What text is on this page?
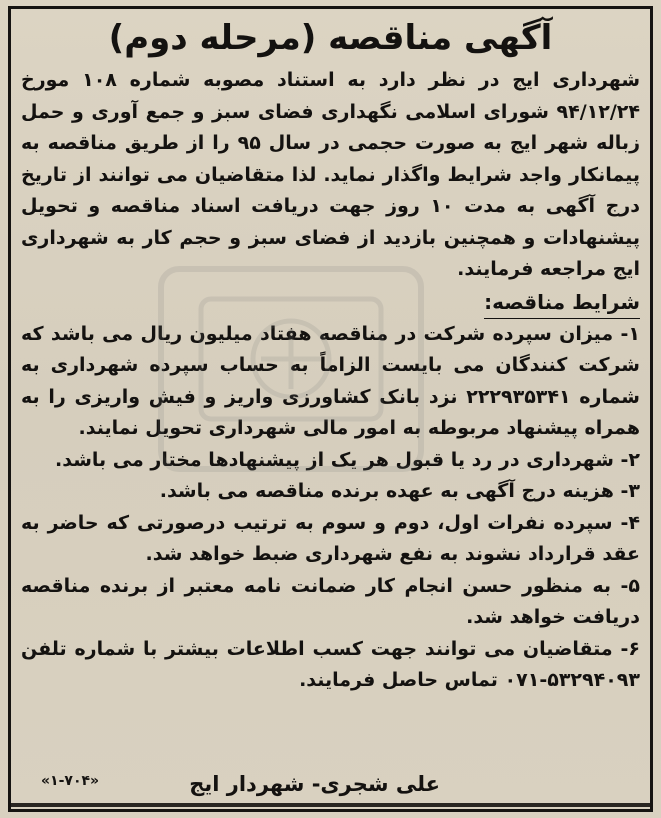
آگهی مناقصه (مرحله دوم)

شهرداری ایج در نظر دارد به استناد مصوبه شماره ۱۰۸ مورخ ۹۴/۱۲/۲۴ شورای اسلامی نگهداری فضای سبز و جمع آوری و حمل زباله شهر ایج به صورت حجمی در سال ۹۵ را از طریق مناقصه به پیمانکار واجد شرایط واگذار نماید. لذا متقاضیان می توانند از تاریخ درج آگهی به مدت ۱۰ روز جهت دریافت اسناد مناقصه و تحویل پیشنهادات و همچنین بازدید از فضای سبز و حجم کار به شهرداری ایج مراجعه فرمایند.

شرایط مناقصه:

۱- میزان سپرده شرکت در مناقصه هفتاد میلیون ریال می باشد که شرکت کنندگان می بایست الزاماً به حساب سپرده شهرداری به شماره ۲۲۲۹۳۵۳۴۱ نزد بانک کشاورزی واریز و فیش واریزی را به همراه پیشنهاد مربوطه به امور مالی شهرداری تحویل نمایند.

۲- شهرداری در رد یا قبول هر یک از پیشنهادها مختار می باشد.

۳- هزینه درج آگهی به عهده برنده مناقصه می باشد.

۴- سپرده نفرات اول، دوم و سوم به ترتیب درصورتی که حاضر به عقد قرارداد نشوند به نفع شهرداری ضبط خواهد شد.

۵- به منظور حسن انجام کار ضمانت نامه معتبر از برنده مناقصه دریافت خواهد شد.

۶- متقاضیان می توانند جهت کسب اطلاعات بیشتر با شماره تلفن ۵۳۲۹۴۰۹۳-۰۷۱ تماس حاصل فرمایند.

علی شجری- شهردار ایج
«۱-۷۰۴»
